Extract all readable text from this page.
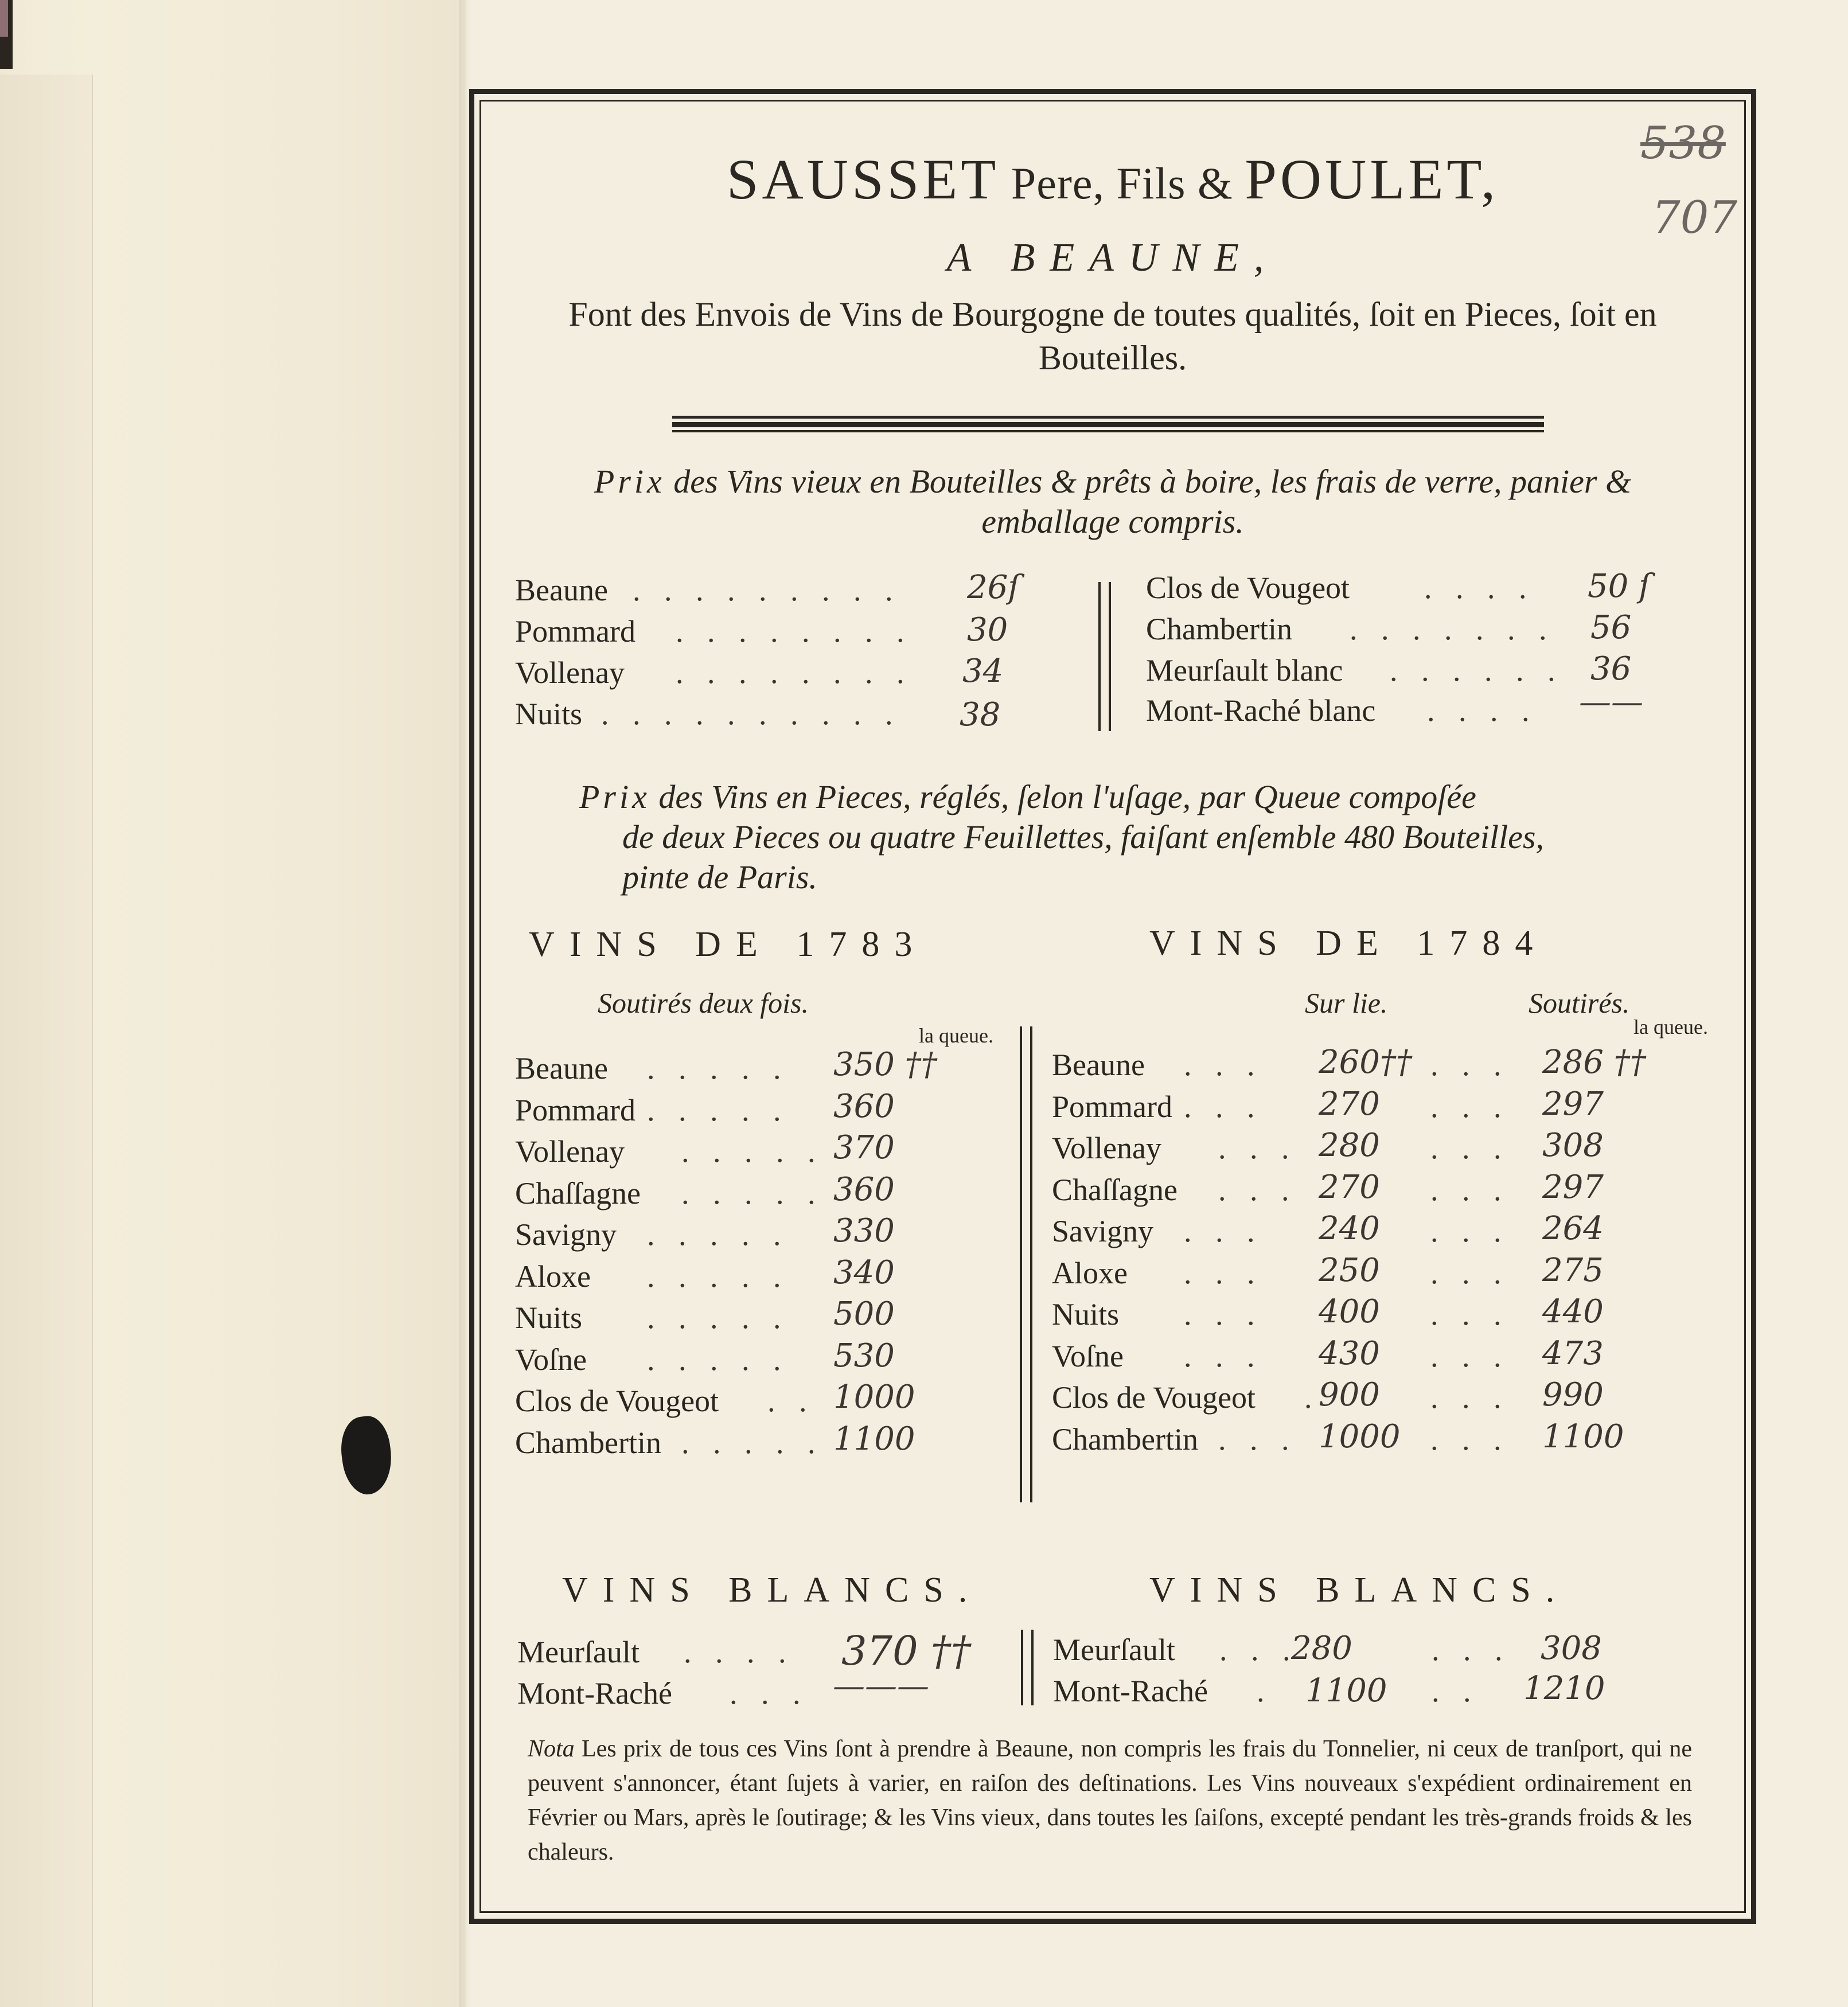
538
707
SAUSSET Pere, Fils & POULET,
A BEAUNE,
Font des Envois de Vins de Bourgogne de toutes qualités, ſoit en Pieces, ſoit en Bouteilles.
Prix des Vins vieux en Bouteilles & prêts à boire, les frais de verre, panier & emballage compris.
Beaune . . . . . . . . . 26ſ
Pommard . . . . . . . . 30
Vollenay . . . . . . . . 34
Nuits . . . . . . . . . . 38
Clos de Vougeot . . . . 50 ſ
Chambertin . . . . . . . 56
Meurſault blanc . . . . . . 36
Mont-Raché blanc . . . . ——
Prix des Vins en Pieces, réglés, ſelon l'uſage, par Queue compoſée
de deux Pieces ou quatre Feuillettes, faiſant enſemble 480 Bouteilles,
pinte de Paris.
VINS DE 1783
Soutirés deux fois.
la queue.
Beaune . . . . . 350 ††
Pommard . . . . . 360
Vollenay . . . . . 370
Chaſſagne . . . . . 360
Savigny . . . . . 330
Aloxe . . . . . 340
Nuits . . . . . 500
Voſne . . . . . 530
Clos de Vougeot . . 1000
Chambertin . . . . . 1100
VINS DE 1784
Sur lie.	Soutirés.
la queue.
Beaune . . . 260†† . . . 286 ††
Pommard . . . 270 . . . 297
Vollenay . . . 280 . . . 308
Chaſſagne . . . 270 . . . 297
Savigny . . . 240 . . . 264
Aloxe . . . 250 . . . 275
Nuits . . . 400 . . . 440
Voſne . . . 430 . . . 473
Clos de Vougeot .
900 . . . 990
Chambertin . . . 1000 . . . 1100
VINS BLANCS.
Meurſault . . . . 370 ††
Mont-Raché . . . ———
VINS BLANCS.
Meurſault . . .
280	. . . 308
Mont-Raché . 1100 . . 1210
Nota Les prix de tous ces Vins ſont à prendre à Beaune, non compris les frais du Tonnelier, ni ceux de tranſport, qui ne peuvent s'annoncer, étant ſujets à varier, en raiſon des deſtinations. Les Vins nouveaux s'expédient ordinairement en Février ou Mars, après le ſoutirage; & les Vins vieux, dans toutes les ſaiſons, excepté pendant les très-grands froids & les chaleurs.
